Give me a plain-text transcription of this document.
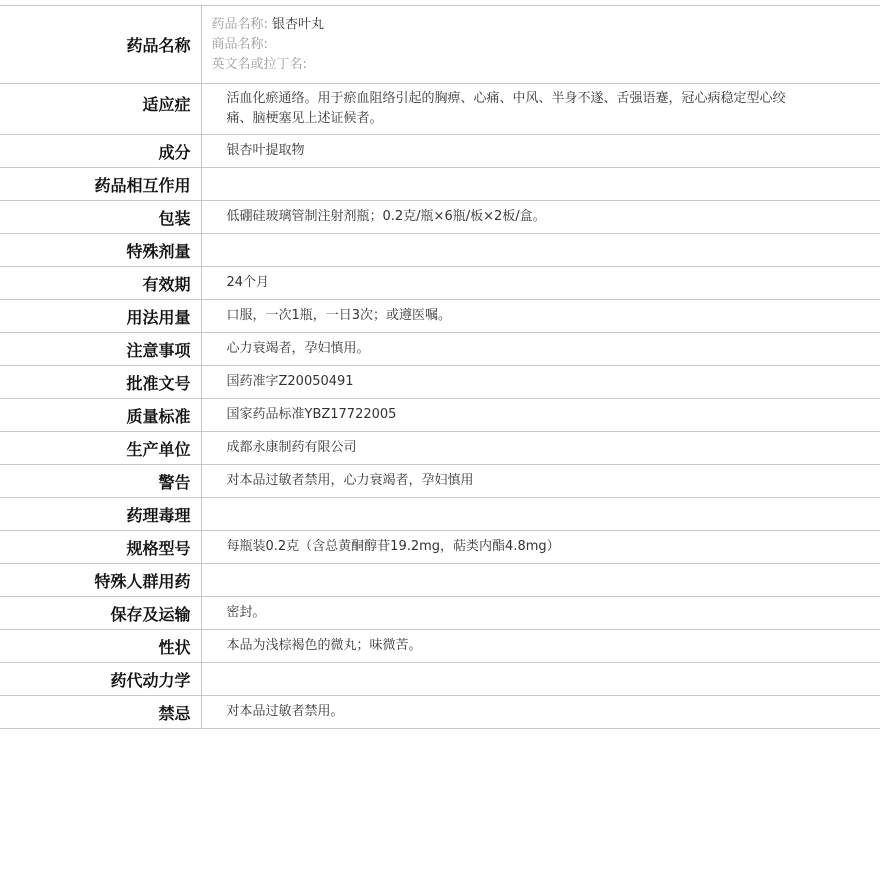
药品名称	药品名称: 银杏叶丸
商品名称:
英文名或拉丁名:

适应症	活血化瘀通络。用于瘀血阻络引起的胸痹、心痛、中风、半身不遂、舌强语蹇，冠心病稳定型心绞痛、脑梗塞见上述证候者。

成分	银杏叶提取物
药品相互作用	
包装	低硼硅玻璃管制注射剂瓶；0.2克/瓶×6瓶/板×2板/盒。
特殊剂量	
有效期	24个月
用法用量	口服，一次1瓶，一日3次；或遵医嘱。
注意事项	心力衰竭者，孕妇慎用。
批准文号	国药准字Z20050491
质量标准	国家药品标准YBZ17722005
生产单位	成都永康制药有限公司
警告	对本品过敏者禁用，心力衰竭者，孕妇慎用
药理毒理	
规格型号	每瓶装0.2克（含总黄酮醇苷19.2mg，萜类内酯4.8mg）
特殊人群用药	
保存及运输	密封。
性状	本品为浅棕褐色的微丸；味微苦。
药代动力学	
禁忌	对本品过敏者禁用。
